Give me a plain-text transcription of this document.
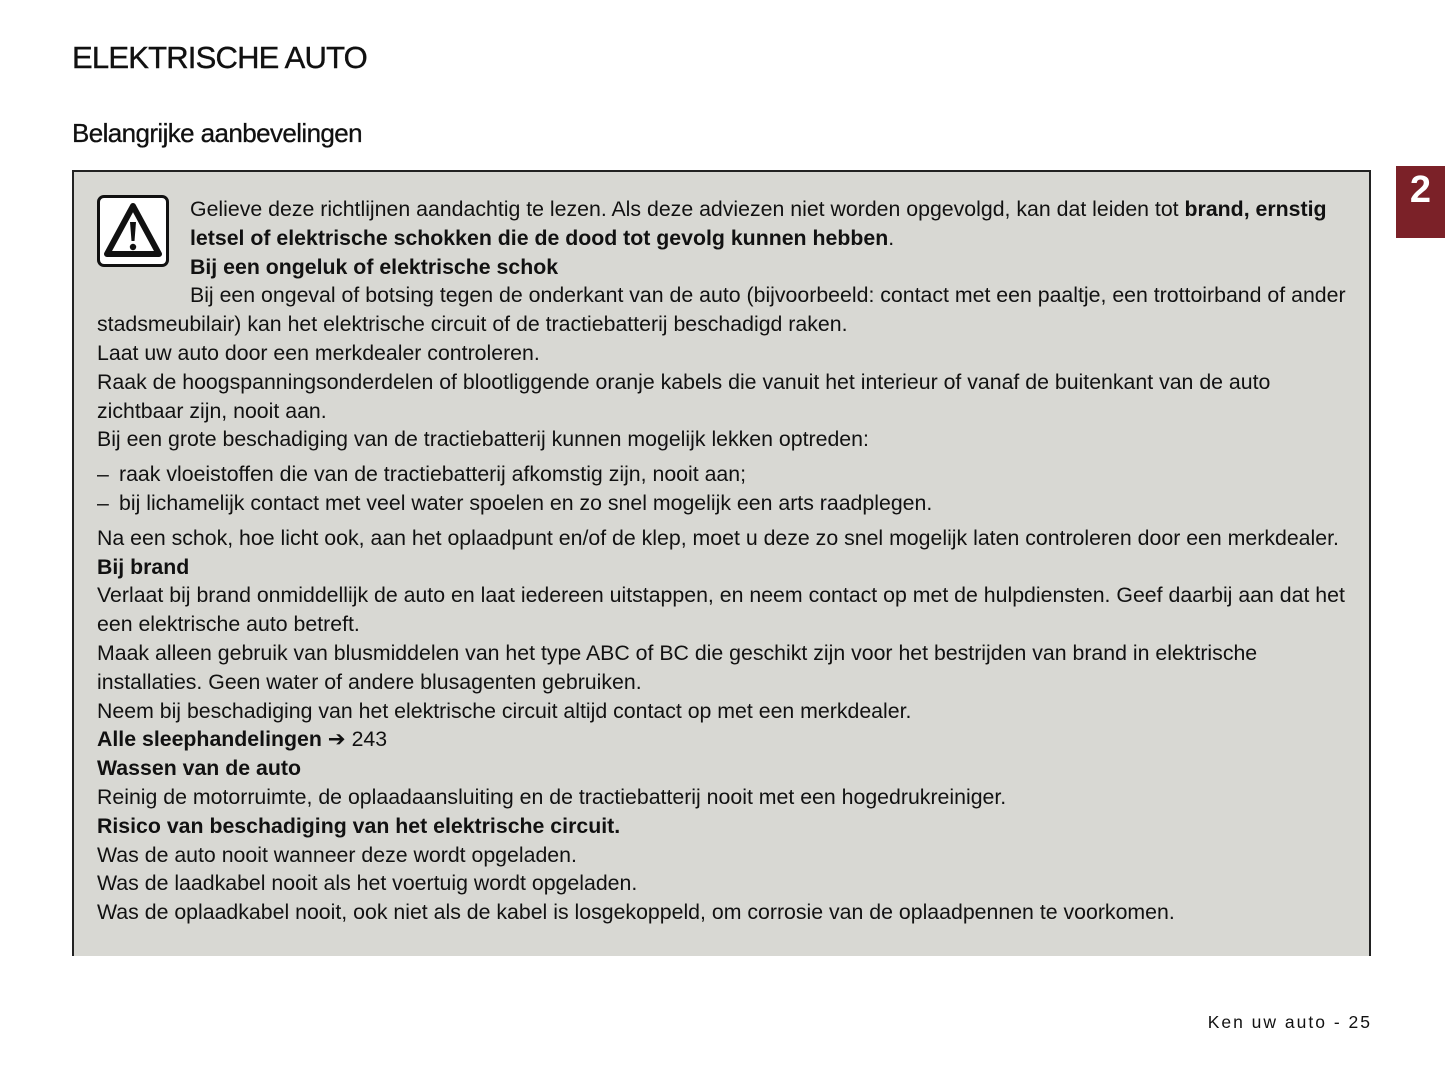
ELEKTRISCHE AUTO
Belangrijke aanbevelingen
2

Gelieve deze richtlijnen aandachtig te lezen. Als deze adviezen niet worden opgevolgd, kan dat leiden tot brand, ernstig letsel of elektrische schokken die de dood tot gevolg kunnen hebben.

Bij een ongeluk of elektrische schok

Bij een ongeval of botsing tegen de onderkant van de auto (bijvoorbeeld: contact met een paaltje, een trottoirband of ander stadsmeubilair) kan het elektrische circuit of de tractiebatterij beschadigd raken.

Laat uw auto door een merkdealer controleren.

Raak de hoogspanningsonderdelen of blootliggende oranje kabels die vanuit het interieur of vanaf de buitenkant van de auto zichtbaar zijn, nooit aan.

Bij een grote beschadiging van de tractiebatterij kunnen mogelijk lekken optreden:

– raak vloeistoffen die van de tractiebatterij afkomstig zijn, nooit aan;
– bij lichamelijk contact met veel water spoelen en zo snel mogelijk een arts raadplegen.

Na een schok, hoe licht ook, aan het oplaadpunt en/of de klep, moet u deze zo snel mogelijk laten controleren door een merkdealer.

Bij brand

Verlaat bij brand onmiddellijk de auto en laat iedereen uitstappen, en neem contact op met de hulpdiensten. Geef daarbij aan dat het een elektrische auto betreft.

Maak alleen gebruik van blusmiddelen van het type ABC of BC die geschikt zijn voor het bestrijden van brand in elektrische installaties. Geen water of andere blusagenten gebruiken.

Neem bij beschadiging van het elektrische circuit altijd contact op met een merkdealer.

Alle sleephandelingen ➔ 243

Wassen van de auto

Reinig de motorruimte, de oplaadaansluiting en de tractiebatterij nooit met een hogedrukreiniger.

Risico van beschadiging van het elektrische circuit.

Was de auto nooit wanneer deze wordt opgeladen.

Was de laadkabel nooit als het voertuig wordt opgeladen.

Was de oplaadkabel nooit, ook niet als de kabel is losgekoppeld, om corrosie van de oplaadpennen te voorkomen.

Ken uw auto - 25
